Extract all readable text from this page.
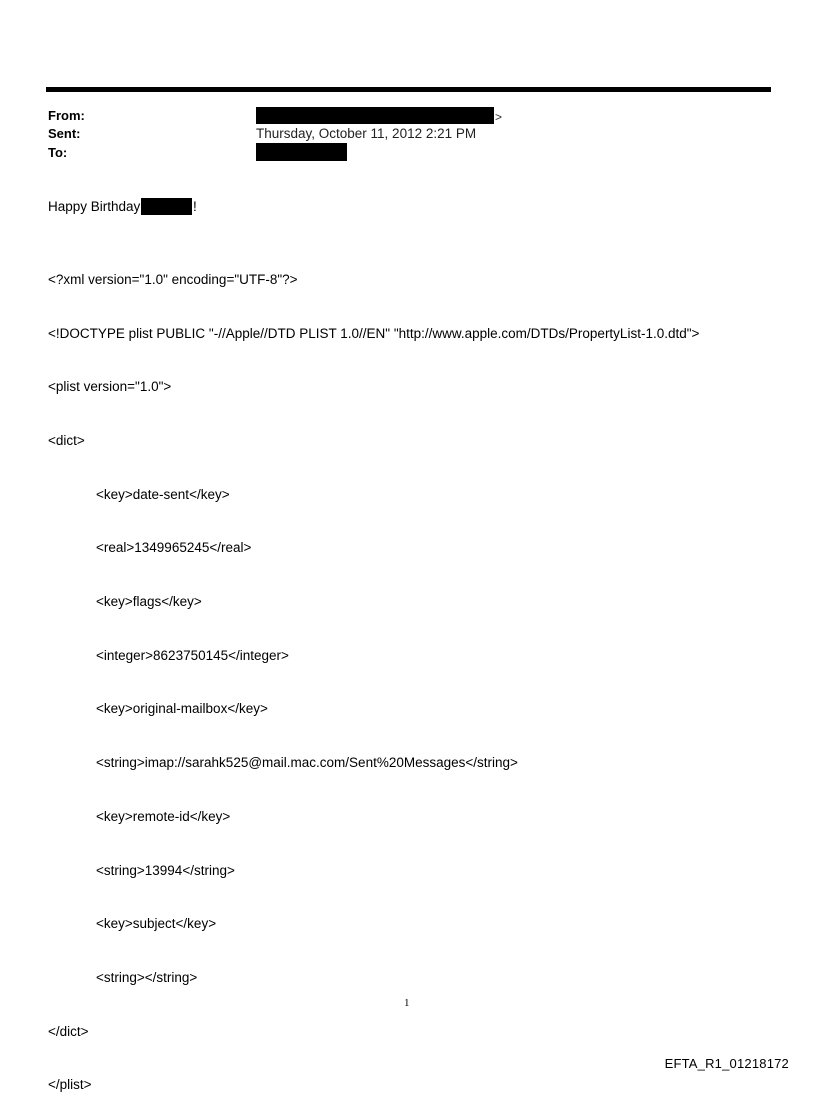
From:	>
Sent:	Thursday, October 11, 2012 2:21 PM
To:
Happy Birthday	!

<?xml version="1.0" encoding="UTF-8"?>

<!DOCTYPE plist PUBLIC "-//Apple//DTD PLIST 1.0//EN" "http://www.apple.com/DTDs/PropertyList-1.0.dtd">

<plist version="1.0">

<dict>

<key>date-sent</key>

<real>1349965245</real>

<key>flags</key>

<integer>8623750145</integer>

<key>original-mailbox</key>

<string>imap://sarahk525@mail.mac.com/Sent%20Messages</string>

<key>remote-id</key>

<string>13994</string>

<key>subject</key>

<string></string>

</dict>

</plist>

1
EFTA_R1_01218172
